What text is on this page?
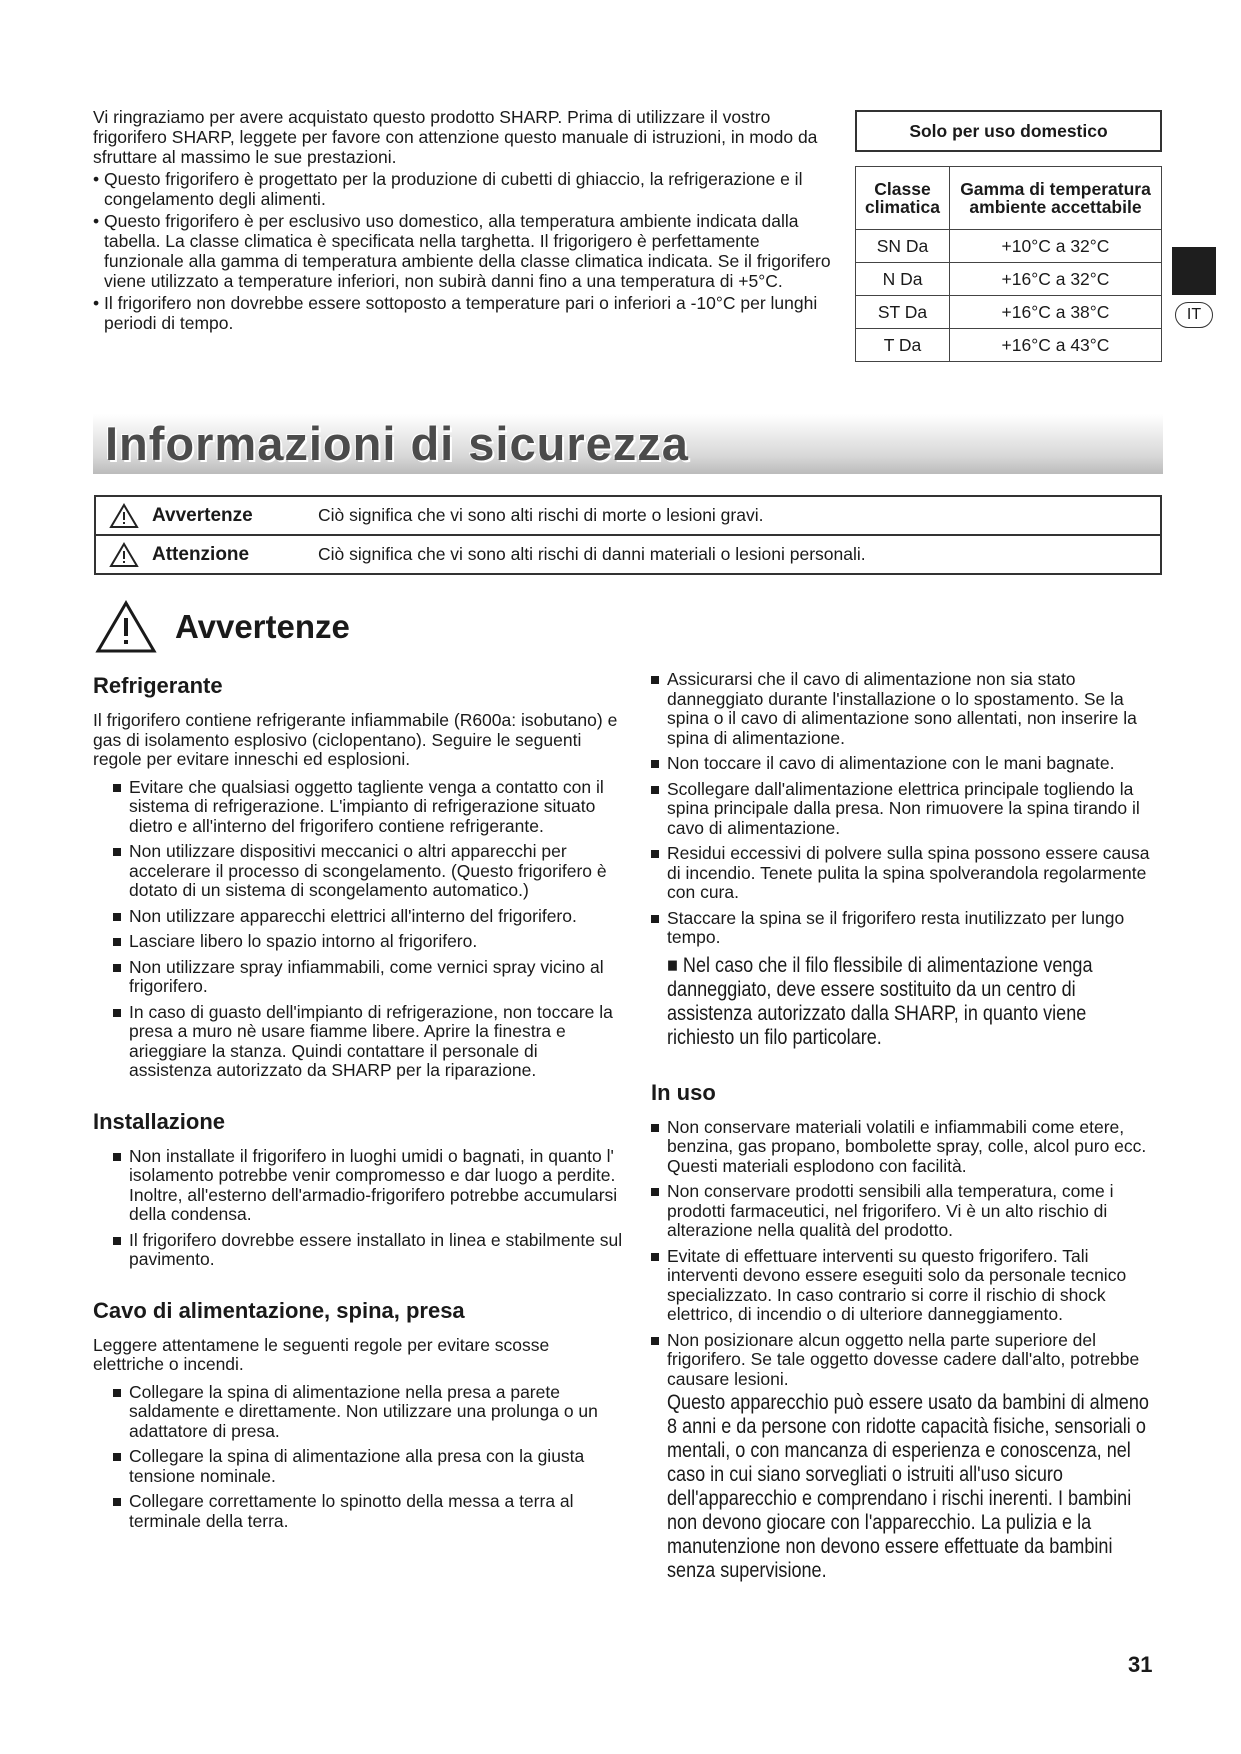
Vi ringraziamo per avere acquistato questo prodotto SHARP. Prima di utilizzare il vostro frigorifero SHARP, leggete per favore con attenzione questo manuale di istruzioni, in modo da sfruttare al massimo le sue prestazioni.

• Questo frigorifero è progettato per la produzione di cubetti di ghiaccio, la refrigerazione e il congelamento degli alimenti.
• Questo frigorifero è per esclusivo uso domestico, alla temperatura ambiente indicata dalla tabella. La classe climatica è specificata nella targhetta. Il frigorigero è perfettamente funzionale alla gamma di temperatura ambiente della classe climatica indicata. Se il frigorifero viene utilizzato a temperature inferiori, non subirà danni fino a una temperatura di +5°C.
• Il frigorifero non dovrebbe essere sottoposto a temperature pari o inferiori a -10°C per lunghi periodi di tempo.
Solo per uso domestico
Classe climatica	Gamma di temperatura ambiente accettabile
SN Da	+10°C a 32°C
N Da	+16°C a 32°C
ST Da	+16°C a 38°C
T Da	+16°C a 43°C
IT
Informazioni di sicurezza
Avvertenze	Ciò significa che vi sono alti rischi di morte o lesioni gravi.
Attenzione	Ciò significa che vi sono alti rischi di danni materiali o lesioni personali.
Avvertenze
Refrigerante

Il frigorifero contiene refrigerante infiammabile (R600a: isobutano) e gas di isolamento esplosivo (ciclopentano). Seguire le seguenti regole per evitare inneschi ed esplosioni.

Evitare che qualsiasi oggetto tagliente venga a contatto con il sistema di refrigerazione. L'impianto di refrigerazione situato dietro e all'interno del frigorifero contiene refrigerante.
Non utilizzare dispositivi meccanici o altri apparecchi per accelerare il processo di scongelamento. (Questo frigorifero è dotato di un sistema di scongelamento automatico.)
Non utilizzare apparecchi elettrici all'interno del frigorifero.
Lasciare libero lo spazio intorno al frigorifero.
Non utilizzare spray infiammabili, come vernici spray vicino al frigorifero.
In caso di guasto dell'impianto di refrigerazione, non toccare la presa a muro nè usare fiamme libere. Aprire la finestra e arieggiare la stanza. Quindi contattare il personale di assistenza autorizzato da SHARP per la riparazione.
Installazione
Non installate il frigorifero in luoghi umidi o bagnati, in quanto l' isolamento potrebbe venir compromesso e dar luogo a perdite. Inoltre, all'esterno dell'armadio-frigorifero potrebbe accumularsi della condensa.
Il frigorifero dovrebbe essere installato in linea e stabilmente sul pavimento.
Cavo di alimentazione, spina, presa

Leggere attentamene le seguenti regole per evitare scosse elettriche o incendi.

Collegare la spina di alimentazione nella presa a parete saldamente e direttamente. Non utilizzare una prolunga o un adattatore di presa.
Collegare la spina di alimentazione alla presa con la giusta tensione nominale.
Collegare correttamente lo spinotto della messa a terra al terminale della terra.
Assicurarsi che il cavo di alimentazione non sia stato danneggiato durante l'installazione o lo spostamento. Se la spina o il cavo di alimentazione sono allentati, non inserire la spina di alimentazione.
Non toccare il cavo di alimentazione con le mani bagnate.
Scollegare dall'alimentazione elettrica principale togliendo la spina principale dalla presa. Non rimuovere la spina tirando il cavo di alimentazione.
Residui eccessivi di polvere sulla spina possono essere causa di incendio. Tenete pulita la spina spolverandola regolarmente con cura.
Staccare la spina se il frigorifero resta inutilizzato per lungo tempo.
■ Nel caso che il filo flessibile di alimentazione venga danneggiato, deve essere sostituito da un centro di assistenza autorizzato dalla SHARP, in quanto viene richiesto un filo particolare.
In uso
Non conservare materiali volatili e infiammabili come etere, benzina, gas propano, bombolette spray, colle, alcol puro ecc. Questi materiali esplodono con facilità.
Non conservare prodotti sensibili alla temperatura, come i prodotti farmaceutici, nel frigorifero. Vi è un alto rischio di alterazione nella qualità del prodotto.
Evitate di effettuare interventi su questo frigorifero. Tali interventi devono essere eseguiti solo da personale tecnico specializzato. In caso contrario si corre il rischio di shock elettrico, di incendio o di ulteriore danneggiamento.
Non posizionare alcun oggetto nella parte superiore del frigorifero. Se tale oggetto dovesse cadere dall'alto, potrebbe causare lesioni.
Questo apparecchio può essere usato da bambini di almeno 8 anni e da persone con ridotte capacità fisiche, sensoriali o mentali, o con mancanza di esperienza e conoscenza, nel caso in cui siano sorvegliati o istruiti all'uso sicuro dell'apparecchio e comprendano i rischi inerenti. I bambini non devono giocare con l'apparecchio. La pulizia e la manutenzione non devono essere effettuate da bambini senza supervisione.
31
